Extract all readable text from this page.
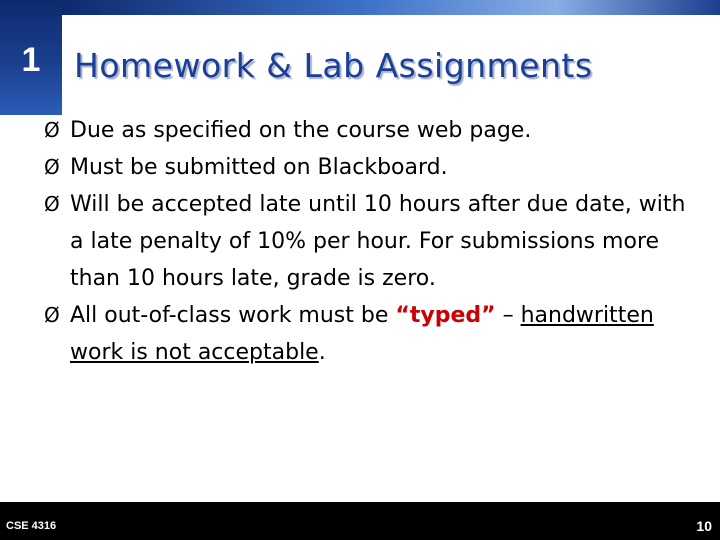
1	Homework & Lab Assignments
Ø Due as specified on the course web page.
Ø Must be submitted on Blackboard.
Ø Will be accepted late until 10 hours after due date, with a late penalty of 10% per hour. For submissions more than 10 hours late, grade is zero.
Ø All out-of-class work must be “typed” – handwritten work is not acceptable.
CSE 4316	10
